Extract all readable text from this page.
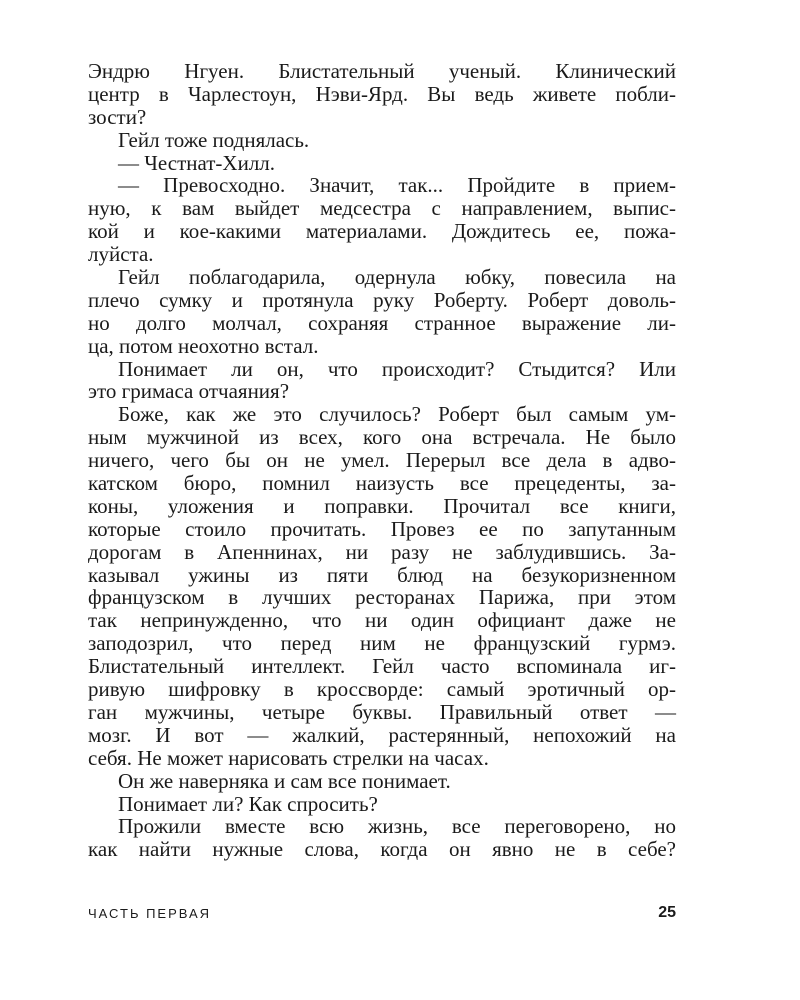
Эндрю Нгуен. Блистательный ученый. Клинический
центр в Чарлестоун, Нэви-Ярд. Вы ведь живете побли-
зости?
Гейл тоже поднялась.
— Честнат-Хилл.
— Превосходно. Значит, так... Пройдите в прием-
ную, к вам выйдет медсестра с направлением, выпис-
кой и кое-какими материалами. Дождитесь ее, пожа-
луйста.
Гейл поблагодарила, одернула юбку, повесила на
плечо сумку и протянула руку Роберту. Роберт доволь-
но долго молчал, сохраняя странное выражение ли-
ца, потом неохотно встал.
Понимает ли он, что происходит? Стыдится? Или
это гримаса отчаяния?
Боже, как же это случилось? Роберт был самым ум-
ным мужчиной из всех, кого она встречала. Не было
ничего, чего бы он не умел. Перерыл все дела в адво-
катском бюро, помнил наизусть все прецеденты, за-
коны, уложения и поправки. Прочитал все книги,
которые стоило прочитать. Провез ее по запутанным
дорогам в Апеннинах, ни разу не заблудившись. За-
казывал ужины из пяти блюд на безукоризненном
французском в лучших ресторанах Парижа, при этом
так непринужденно, что ни один официант даже не
заподозрил, что перед ним не французский гурмэ.
Блистательный интеллект. Гейл часто вспоминала иг-
ривую шифровку в кроссворде: самый эротичный ор-
ган мужчины, четыре буквы. Правильный ответ —
мозг. И вот — жалкий, растерянный, непохожий на
себя. Не может нарисовать стрелки на часах.
Он же наверняка и сам все понимает.
Понимает ли? Как спросить?
Прожили вместе всю жизнь, все переговорено, но
как найти нужные слова, когда он явно не в себе?
ЧАСТЬ ПЕРВАЯ	25
